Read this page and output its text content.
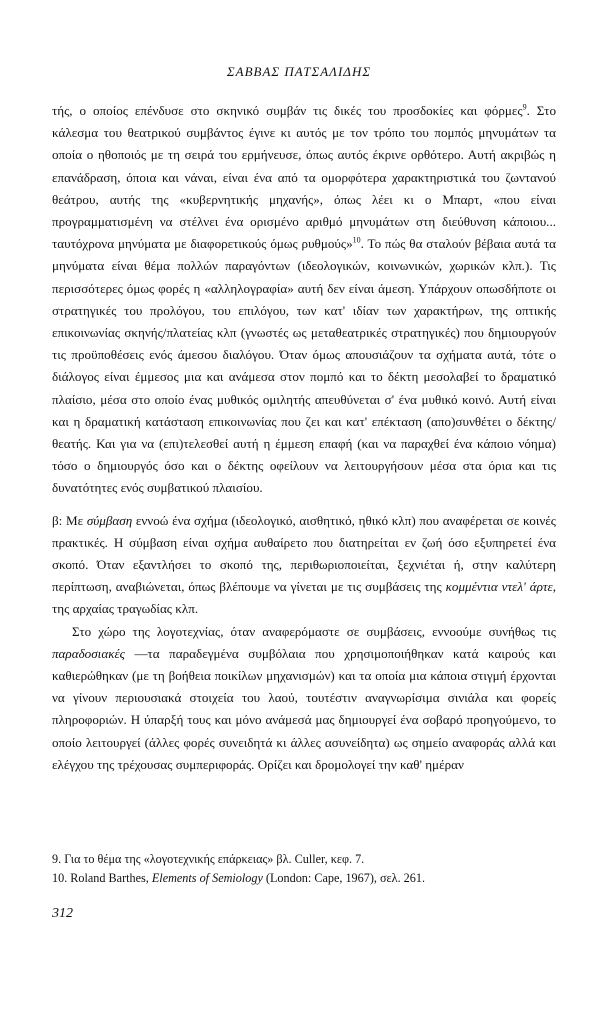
ΣΑΒΒΑΣ ΠΑΤΣΑΛΙΔΗΣ

τής, ο οποίος επένδυσε στο σκηνικό συμβάν τις δικές του προσδοκίες και φόρμες$^9$. Στο κάλεσμα του θεατρικού συμβάντος έγινε κι αυτός με τον τρόπο του πομπός μηνυμάτων τα οποία ο ηθοποιός με τη σειρά του ερμήνευσε, όπως αυτός έκρινε ορθότερο. Αυτή ακριβώς η επανάδραση, όποια και νάναι, είναι ένα από τα ομορφότερα χαρακτηριστικά του ζωντανού θεάτρου, αυτής της «κυβερνητικής μηχανής», όπως λέει κι ο Μπαρτ, «που είναι προγραμματισμένη να στέλνει ένα ορισμένο αριθμό μηνυμάτων στη διεύθυνση κάποιου... ταυτόχρονα μηνύματα με διαφορετικούς όμως ρυθμούς»$^{10}$. Το πώς θα σταλούν βέβαια αυτά τα μηνύματα είναι θέμα πολλών παραγόντων (ιδεολογικών, κοινωνικών, χωρικών κλπ.). Τις περισσότερες όμως φορές η «αλληλογραφία» αυτή δεν είναι άμεση. Υπάρχουν οπωσδήποτε οι στρατηγικές του προλόγου, του επιλόγου, των κατ' ιδίαν των χαρακτήρων, της οπτικής επικοινωνίας σκηνής/πλατείας κλπ (γνωστές ως μεταθεατρικές στρατηγικές) που δημιουργούν τις προϋποθέσεις ενός άμεσου διαλόγου. Όταν όμως απουσιάζουν τα σχήματα αυτά, τότε ο διάλογος είναι έμμεσος μια και ανάμεσα στον πομπό και το δέκτη μεσολαβεί το δραματικό πλαίσιο, μέσα στο οποίο ένας μυθικός ομιλητής απευθύνεται σ' ένα μυθικό κοινό. Αυτή είναι και η δραματική κατάσταση επικοινωνίας που ζει και κατ' επέκταση (απο)συνθέτει ο δέκτης/θεατής. Και για να (επι)τελεσθεί αυτή η έμμεση επαφή (και να παραχθεί ένα κάποιο νόημα) τόσο ο δημιουργός όσο και ο δέκτης οφείλουν να λειτουργήσουν μέσα στα όρια και τις δυνατότητες ενός συμβατικού πλαισίου.

β: Με σύμβαση εννοώ ένα σχήμα (ιδεολογικό, αισθητικό, ηθικό κλπ) που αναφέρεται σε κοινές πρακτικές. Η σύμβαση είναι σχήμα αυθαίρετο που διατηρείται εν ζωή όσο εξυπηρετεί ένα σκοπό. Όταν εξαντλήσει το σκοπό της, περιθωριοποιείται, ξεχνιέται ή, στην καλύτερη περίπτωση, αναβιώνεται, όπως βλέπουμε να γίνεται με τις συμβάσεις της κομμέντια ντελ' άρτε, της αρχαίας τραγωδίας κλπ.

Στο χώρο της λογοτεχνίας, όταν αναφερόμαστε σε συμβάσεις, εννοούμε συνήθως τις παραδοσιακές —τα παραδεγμένα συμβόλαια που χρησιμοποιήθηκαν κατά καιρούς και καθιερώθηκαν (με τη βοήθεια ποικίλων μηχανισμών) και τα οποία μια κάποια στιγμή έρχονται να γίνουν περιουσιακά στοιχεία του λαού, τουτέστιν αναγνωρίσιμα σινιάλα και φορείς πληροφοριών. Η ύπαρξή τους και μόνο ανάμεσά μας δημιουργεί ένα σοβαρό προηγούμενο, το οποίο λειτουργεί (άλλες φορές συνειδητά κι άλλες ασυνείδητα) ως σημείο αναφοράς αλλά και ελέγχου της τρέχουσας συμπεριφοράς. Ορίζει και δρομολογεί την καθ' ημέραν

9. Για το θέμα της «λογοτεχνικής επάρκειας» βλ. Culler, κεφ. 7.

10. Roland Barthes, Elements of Semiology (London: Cape, 1967), σελ. 261.

312
